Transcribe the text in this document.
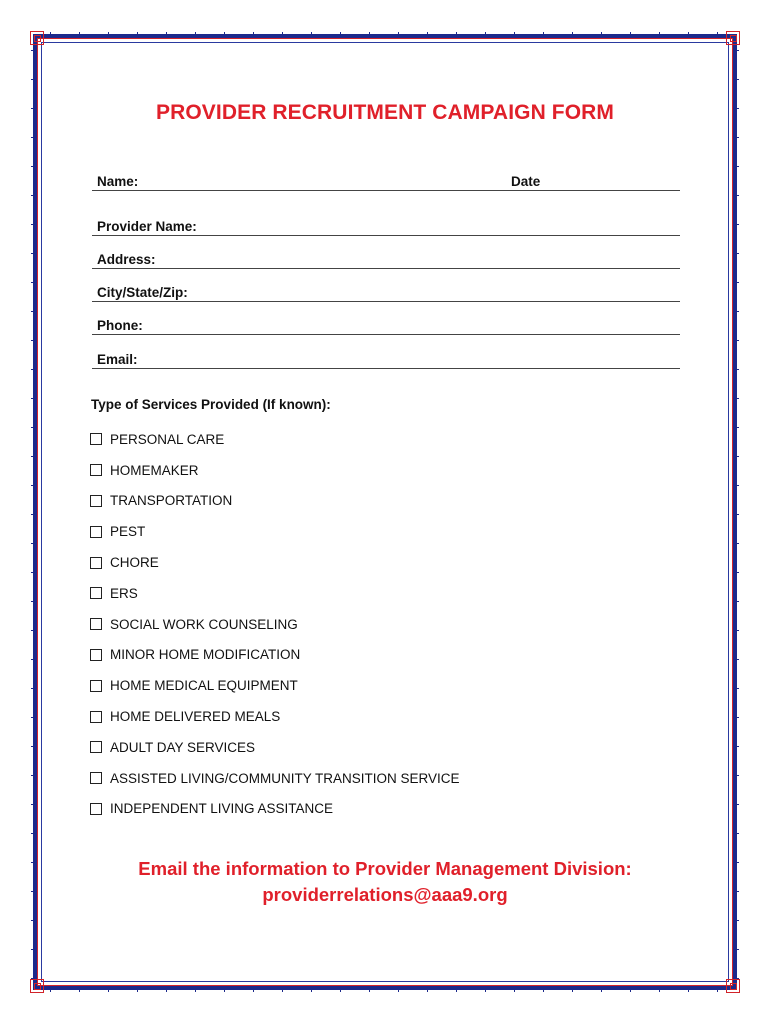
PROVIDER RECRUITMENT CAMPAIGN FORM
Name:	Date
Provider Name:
Address:
City/State/Zip:
Phone:
Email:
Type of Services Provided (If known):
PERSONAL CARE
HOMEMAKER
TRANSPORTATION
PEST
CHORE
ERS
SOCIAL WORK COUNSELING
MINOR HOME MODIFICATION
HOME MEDICAL EQUIPMENT
HOME DELIVERED MEALS
ADULT DAY SERVICES
ASSISTED LIVING/COMMUNITY TRANSITION SERVICE
INDEPENDENT LIVING ASSITANCE
Email the information to Provider Management Division:
providerrelations@aaa9.org
